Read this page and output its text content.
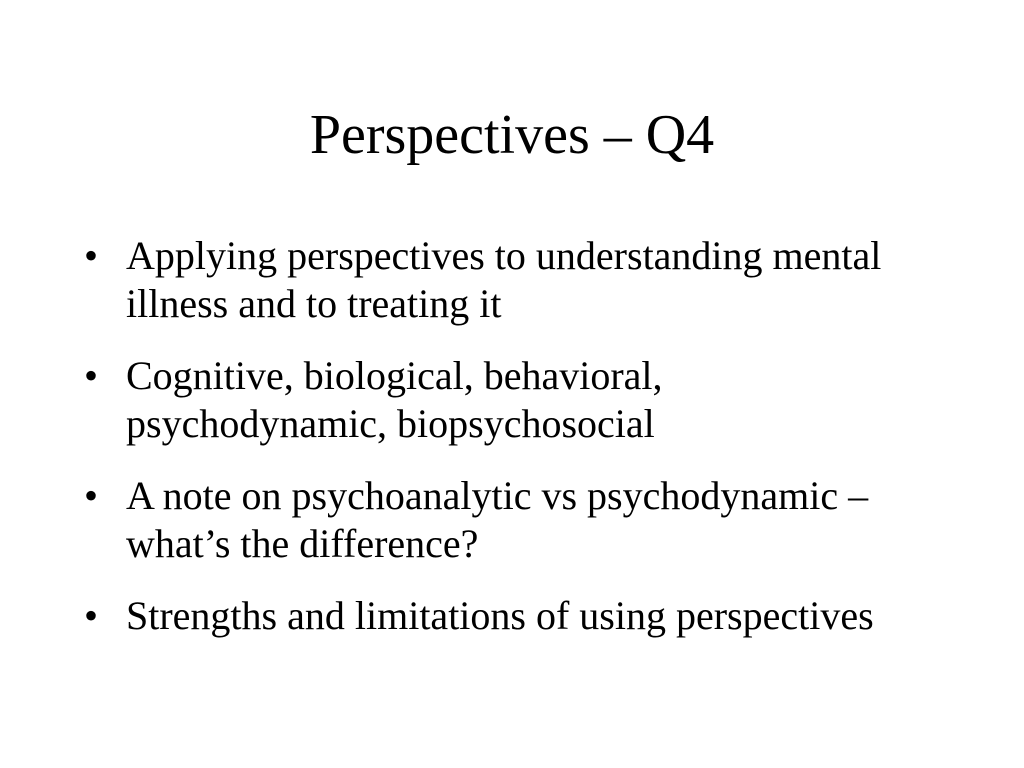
Perspectives – Q4
• Applying perspectives to understanding mental illness and to treating it
• Cognitive, biological, behavioral, psychodynamic, biopsychosocial
• A note on psychoanalytic vs psychodynamic – what’s the difference?
• Strengths and limitations of using perspectives
